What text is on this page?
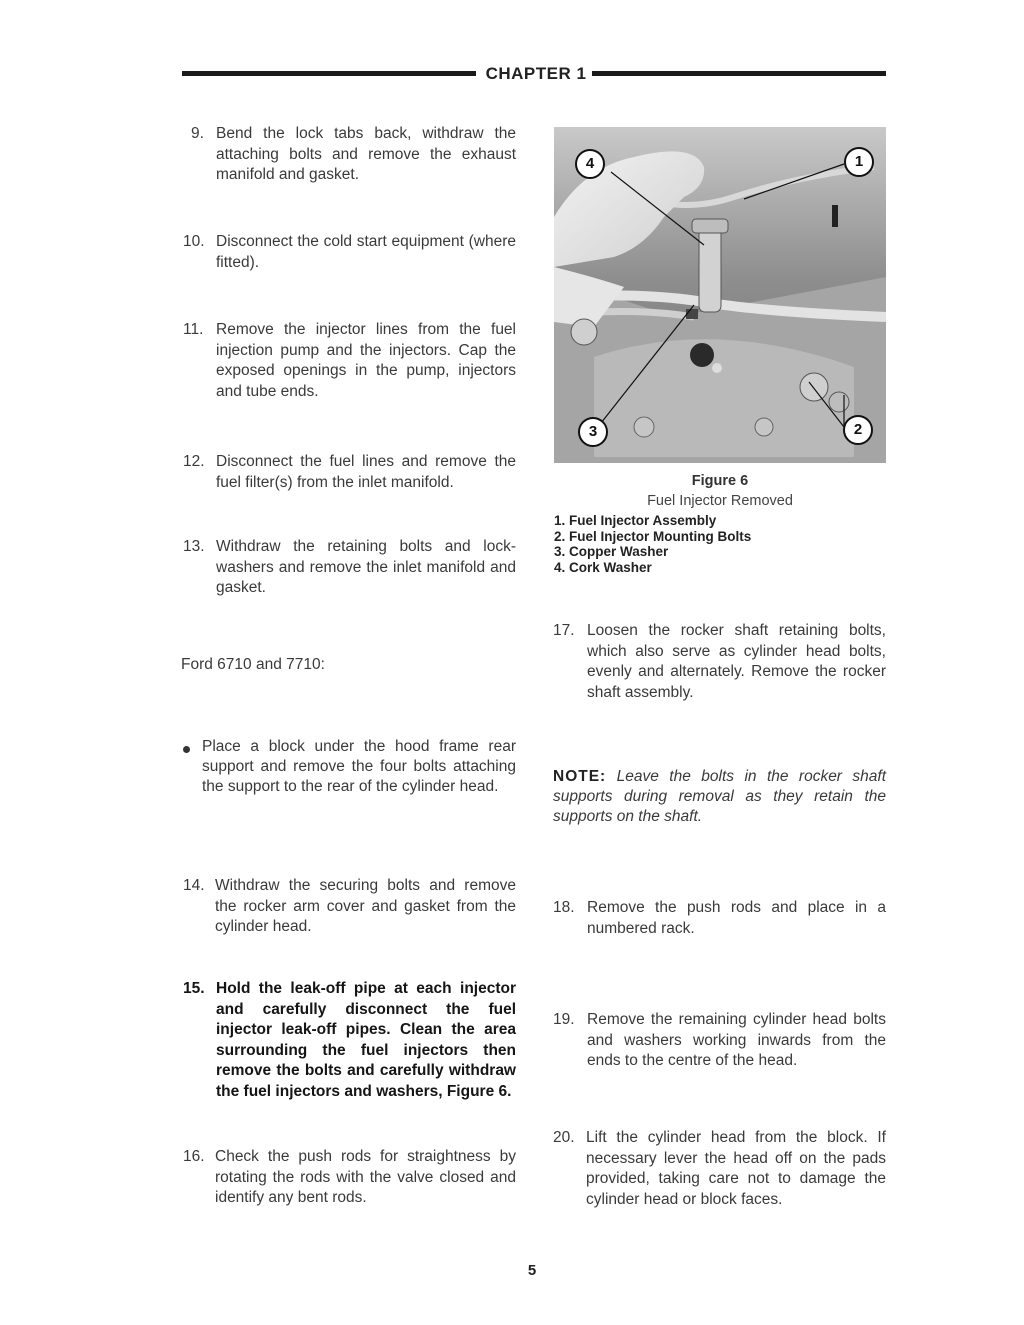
CHAPTER 1
9. Bend the lock tabs back, withdraw the attaching bolts and remove the exhaust manifold and gasket.
10. Disconnect the cold start equipment (where fitted).
11. Remove the injector lines from the fuel injection pump and the injectors. Cap the exposed openings in the pump, injectors and tube ends.
12. Disconnect the fuel lines and remove the fuel filter(s) from the inlet manifold.
13. Withdraw the retaining bolts and lock-washers and remove the inlet manifold and gasket.
Ford 6710 and 7710:
Place a block under the hood frame rear support and remove the four bolts attaching the support to the rear of the cylinder head.
14. Withdraw the securing bolts and remove the rocker arm cover and gasket from the cylinder head.
15. Hold the leak-off pipe at each injector and carefully disconnect the fuel injector leak-off pipes. Clean the area surrounding the fuel injectors then remove the bolts and carefully withdraw the fuel injectors and washers, Figure 6.
16. Check the push rods for straightness by rotating the rods with the valve closed and identify any bent rods.
4	1
3	2
Figure 6
Fuel Injector Removed
1. Fuel Injector Assembly
2. Fuel Injector Mounting Bolts
3. Copper Washer
4. Cork Washer
17. Loosen the rocker shaft retaining bolts, which also serve as cylinder head bolts, evenly and alternately. Remove the rocker shaft assembly.
NOTE: Leave the bolts in the rocker shaft supports during removal as they retain the supports on the shaft.
18. Remove the push rods and place in a numbered rack.
19. Remove the remaining cylinder head bolts and washers working inwards from the ends to the centre of the head.
20. Lift the cylinder head from the block. If necessary lever the head off on the pads provided, taking care not to damage the cylinder head or block faces.
5
